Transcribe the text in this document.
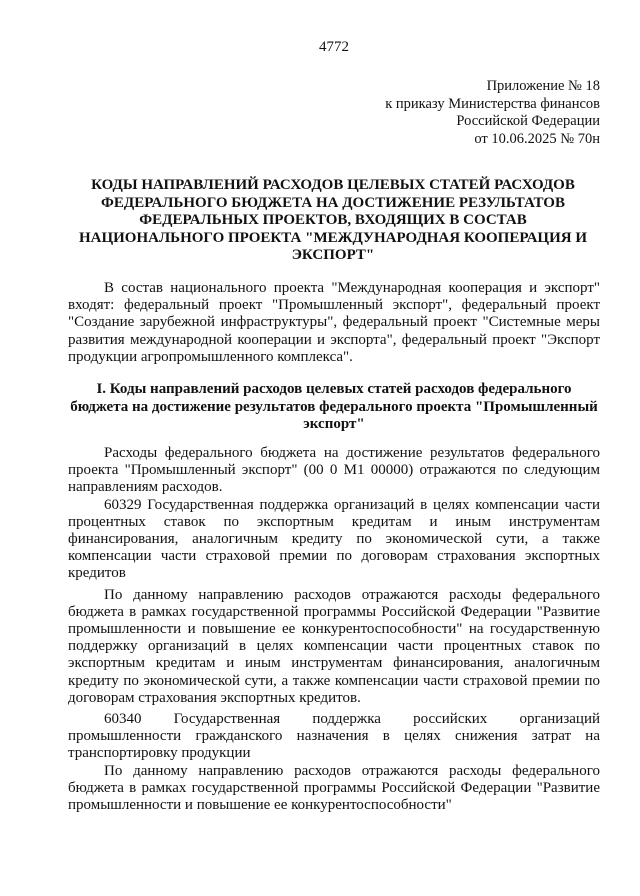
4772
Приложение № 18
к приказу Министерства финансов
Российской Федерации
от 10.06.2025 № 70н
КОДЫ НАПРАВЛЕНИЙ РАСХОДОВ ЦЕЛЕВЫХ СТАТЕЙ РАСХОДОВ ФЕДЕРАЛЬНОГО БЮДЖЕТА НА ДОСТИЖЕНИЕ РЕЗУЛЬТАТОВ ФЕДЕРАЛЬНЫХ ПРОЕКТОВ, ВХОДЯЩИХ В СОСТАВ НАЦИОНАЛЬНОГО ПРОЕКТА "МЕЖДУНАРОДНАЯ КООПЕРАЦИЯ И ЭКСПОРТ"

В состав национального проекта "Международная кооперация и экспорт" входят: федеральный проект "Промышленный экспорт", федеральный проект "Создание зарубежной инфраструктуры", федеральный проект "Системные меры развития международной кооперации и экспорта", федеральный проект "Экспорт продукции агропромышленного комплекса".

I. Коды направлений расходов целевых статей расходов федерального бюджета на достижение результатов федерального проекта "Промышленный экспорт"

Расходы федерального бюджета на достижение результатов федерального проекта "Промышленный экспорт" (00 0 М1 00000) отражаются по следующим направлениям расходов.

60329 Государственная поддержка организаций в целях компенсации части процентных ставок по экспортным кредитам и иным инструментам финансирования, аналогичным кредиту по экономической сути, а также компенсации части страховой премии по договорам страхования экспортных кредитов

По данному направлению расходов отражаются расходы федерального бюджета в рамках государственной программы Российской Федерации "Развитие промышленности и повышение ее конкурентоспособности" на государственную поддержку организаций в целях компенсации части процентных ставок по экспортным кредитам и иным инструментам финансирования, аналогичным кредиту по экономической сути, а также компенсации части страховой премии по договорам страхования экспортных кредитов.

60340 Государственная поддержка российских организаций промышленности гражданского назначения в целях снижения затрат на транспортировку продукции

По данному направлению расходов отражаются расходы федерального бюджета в рамках государственной программы Российской Федерации "Развитие промышленности и повышение ее конкурентоспособности"
